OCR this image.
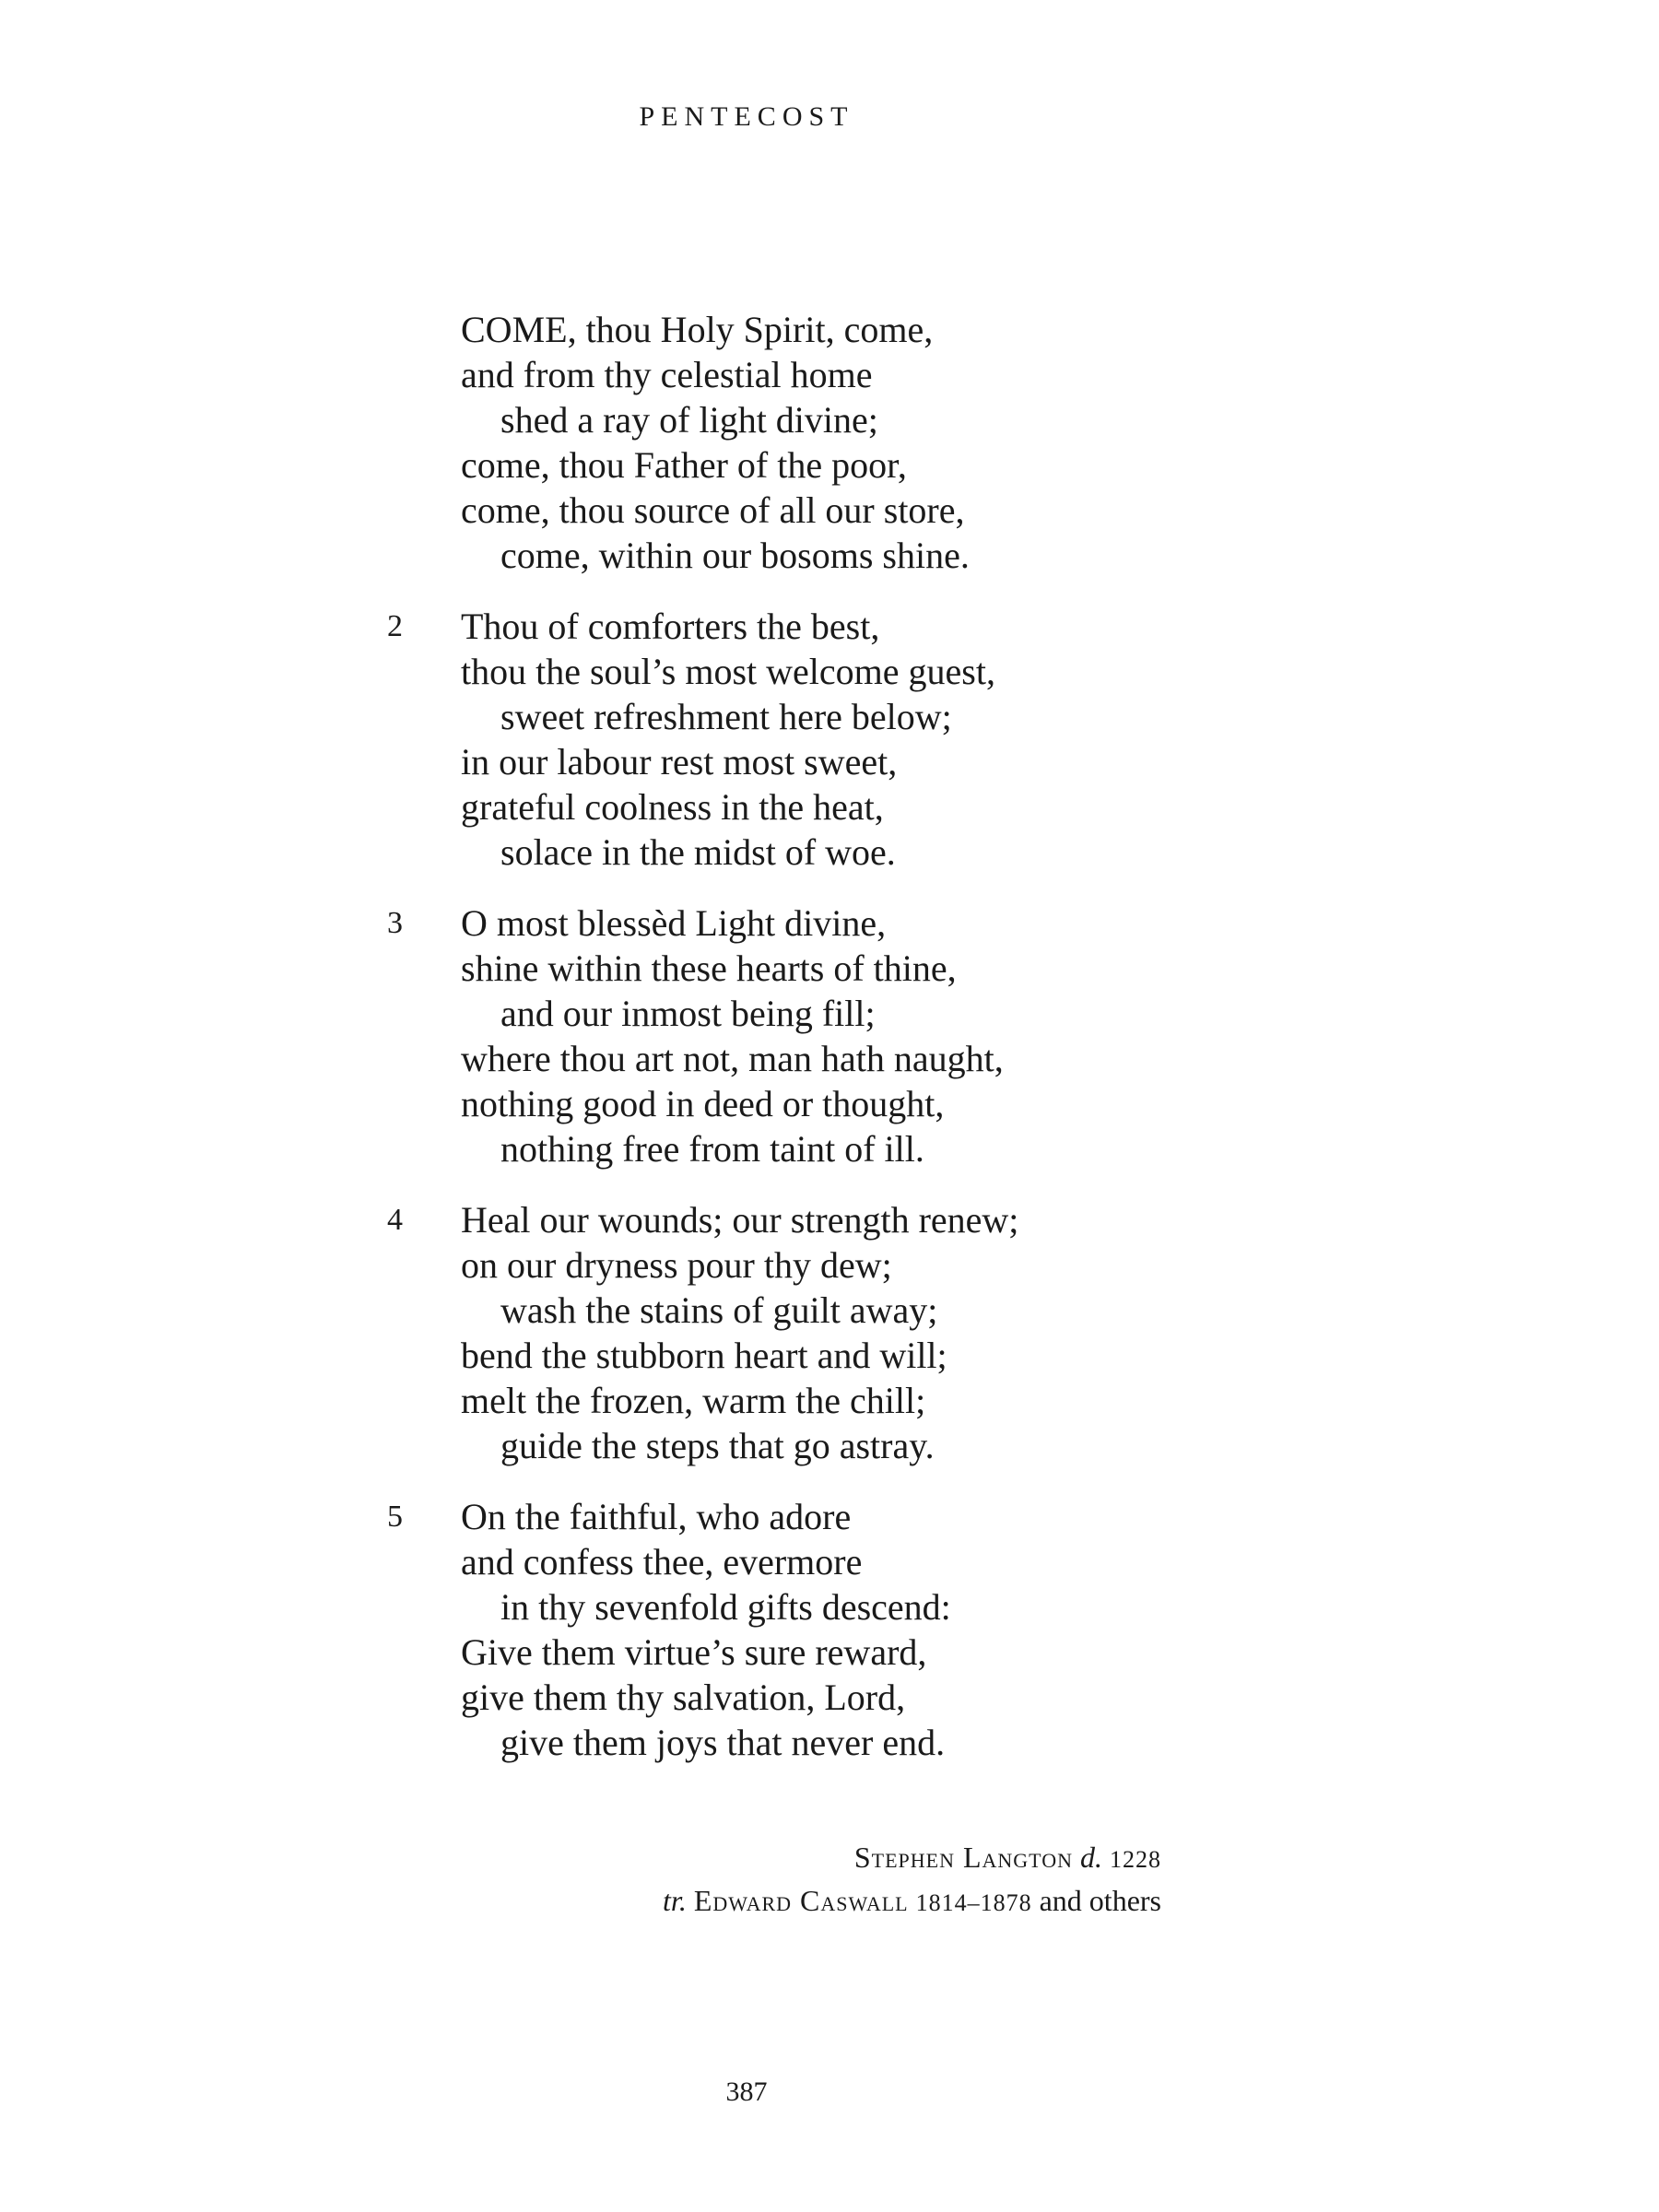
PENTECOST
COME, thou Holy Spirit, come,
and from thy celestial home
shed a ray of light divine;
come, thou Father of the poor,
come, thou source of all our store,
come, within our bosoms shine.
2	Thou of comforters the best,
thou the soul’s most welcome guest,
sweet refreshment here below;
in our labour rest most sweet,
grateful coolness in the heat,
solace in the midst of woe.
3	O most blessèd Light divine,
shine within these hearts of thine,
and our inmost being fill;
where thou art not, man hath naught,
nothing good in deed or thought,
nothing free from taint of ill.
4	Heal our wounds; our strength renew;
on our dryness pour thy dew;
wash the stains of guilt away;
bend the stubborn heart and will;
melt the frozen, warm the chill;
guide the steps that go astray.
5	On the faithful, who adore
and confess thee, evermore
in thy sevenfold gifts descend:
Give them virtue’s sure reward,
give them thy salvation, Lord,
give them joys that never end.
Stephen Langton d. 1228
tr. Edward Caswall 1814–1878 and others
387
